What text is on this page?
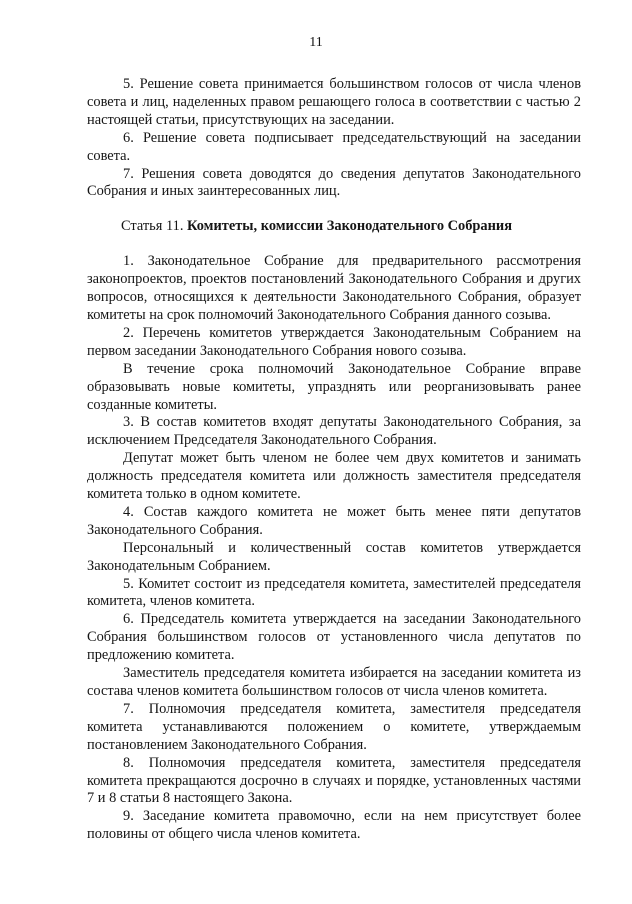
11

5. Решение совета принимается большинством голосов от числа членов совета и лиц, наделенных правом решающего голоса в соответствии с частью 2 настоящей статьи, присутствующих на заседании.

6. Решение совета подписывает председательствующий на заседании совета.

7. Решения совета доводятся до сведения депутатов Законодательного Собрания и иных заинтересованных лиц.

Статья 11. Комитеты, комиссии Законодательного Собрания

1. Законодательное Собрание для предварительного рассмотрения законопроектов, проектов постановлений Законодательного Собрания и других вопросов, относящихся к деятельности Законодательного Собрания, образует комитеты на срок полномочий Законодательного Собрания данного созыва.

2. Перечень комитетов утверждается Законодательным Собранием на первом заседании Законодательного Собрания нового созыва.

В течение срока полномочий Законодательное Собрание вправе образовывать новые комитеты, упразднять или реорганизовывать ранее созданные комитеты.

3. В состав комитетов входят депутаты Законодательного Собрания, за исключением Председателя Законодательного Собрания.

Депутат может быть членом не более чем двух комитетов и занимать должность председателя комитета или должность заместителя председателя комитета только в одном комитете.

4. Состав каждого комитета не может быть менее пяти депутатов Законодательного Собрания.

Персональный и количественный состав комитетов утверждается Законодательным Собранием.

5. Комитет состоит из председателя комитета, заместителей председателя комитета, членов комитета.

6. Председатель комитета утверждается на заседании Законодательного Собрания большинством голосов от установленного числа депутатов по предложению комитета.

Заместитель председателя комитета избирается на заседании комитета из состава членов комитета большинством голосов от числа членов комитета.

7. Полномочия председателя комитета, заместителя председателя комитета устанавливаются положением о комитете, утверждаемым постановлением Законодательного Собрания.

8. Полномочия председателя комитета, заместителя председателя комитета прекращаются досрочно в случаях и порядке, установленных частями 7 и 8 статьи 8 настоящего Закона.

9. Заседание комитета правомочно, если на нем присутствует более половины от общего числа членов комитета.
